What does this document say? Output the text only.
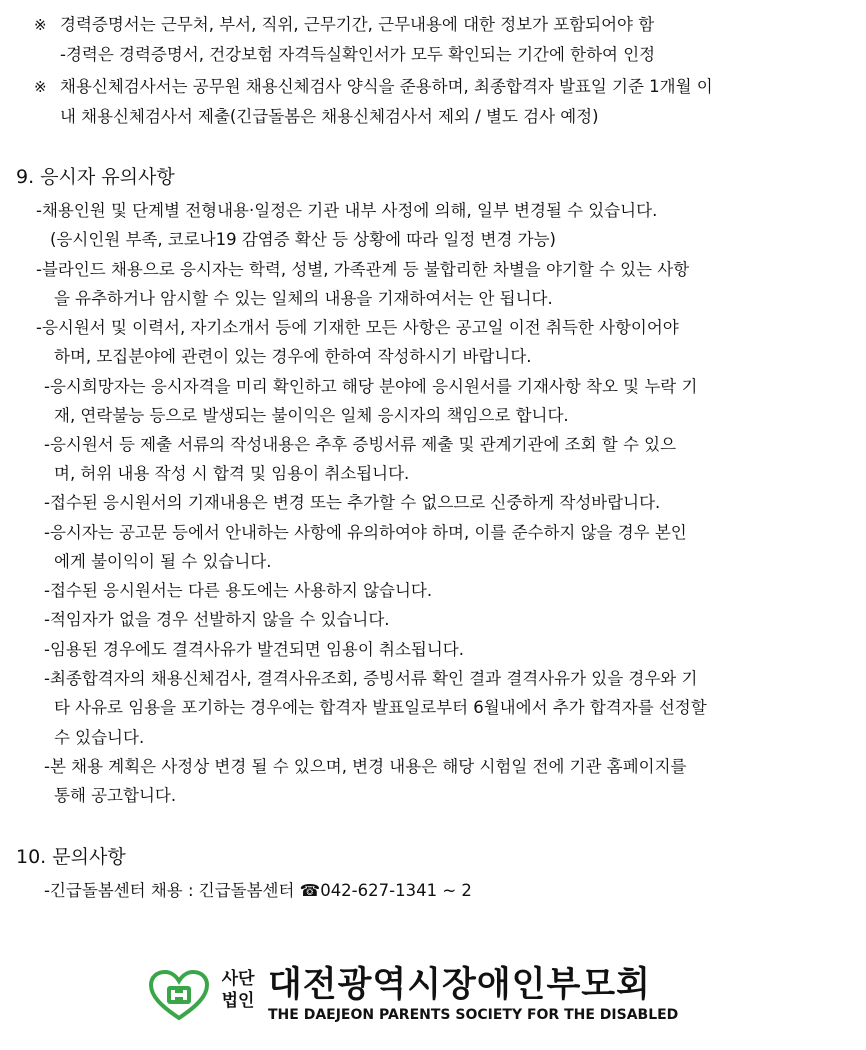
※ 경력증명서는 근무처, 부서, 직위, 근무기간, 근무내용에 대한 정보가 포함되어야 함
-경력은 경력증명서, 건강보험 자격득실확인서가 모두 확인되는 기간에 한하여 인정
※ 채용신체검사서는 공무원 채용신체검사 양식을 준용하며, 최종합격자 발표일 기준 1개월 이
내 채용신체검사서 제출(긴급돌봄은 채용신체검사서 제외 / 별도 검사 예정)
9. 응시자 유의사항
-채용인원 및 단계별 전형내용·일정은 기관 내부 사정에 의해, 일부 변경될 수 있습니다.
(응시인원 부족, 코로나19 감염증 확산 등 상황에 따라 일정 변경 가능)
-블라인드 채용으로 응시자는 학력, 성별, 가족관계 등 불합리한 차별을 야기할 수 있는 사항
을 유추하거나 암시할 수 있는 일체의 내용을 기재하여서는 안 됩니다.
-응시원서 및 이력서, 자기소개서 등에 기재한 모든 사항은 공고일 이전 취득한 사항이어야
하며, 모집분야에 관련이 있는 경우에 한하여 작성하시기 바랍니다.
-응시희망자는 응시자격을 미리 확인하고 해당 분야에 응시원서를 기재사항 착오 및 누락 기
재, 연락불능 등으로 발생되는 불이익은 일체 응시자의 책임으로 합니다.
-응시원서 등 제출 서류의 작성내용은 추후 증빙서류 제출 및 관계기관에 조회 할 수 있으
며, 허위 내용 작성 시 합격 및 임용이 취소됩니다.
-접수된 응시원서의 기재내용은 변경 또는 추가할 수 없으므로 신중하게 작성바랍니다.
-응시자는 공고문 등에서 안내하는 사항에 유의하여야 하며, 이를 준수하지 않을 경우 본인
에게 불이익이 될 수 있습니다.
-접수된 응시원서는 다른 용도에는 사용하지 않습니다.
-적임자가 없을 경우 선발하지 않을 수 있습니다.
-임용된 경우에도 결격사유가 발견되면 임용이 취소됩니다.
-최종합격자의 채용신체검사, 결격사유조회, 증빙서류 확인 결과 결격사유가 있을 경우와 기
타 사유로 임용을 포기하는 경우에는 합격자 발표일로부터 6월내에서 추가 합격자를 선정할
수 있습니다.
-본 채용 계획은 사정상 변경 될 수 있으며, 변경 내용은 해당 시험일 전에 기관 홈페이지를
통해 공고합니다.
10. 문의사항
-긴급돌봄센터 채용 : 긴급돌봄센터 ☎042-627-1341 ~ 2
사단
법인 대전광역시장애인부모회
THE DAEJEON PARENTS SOCIETY FOR THE DISABLED
